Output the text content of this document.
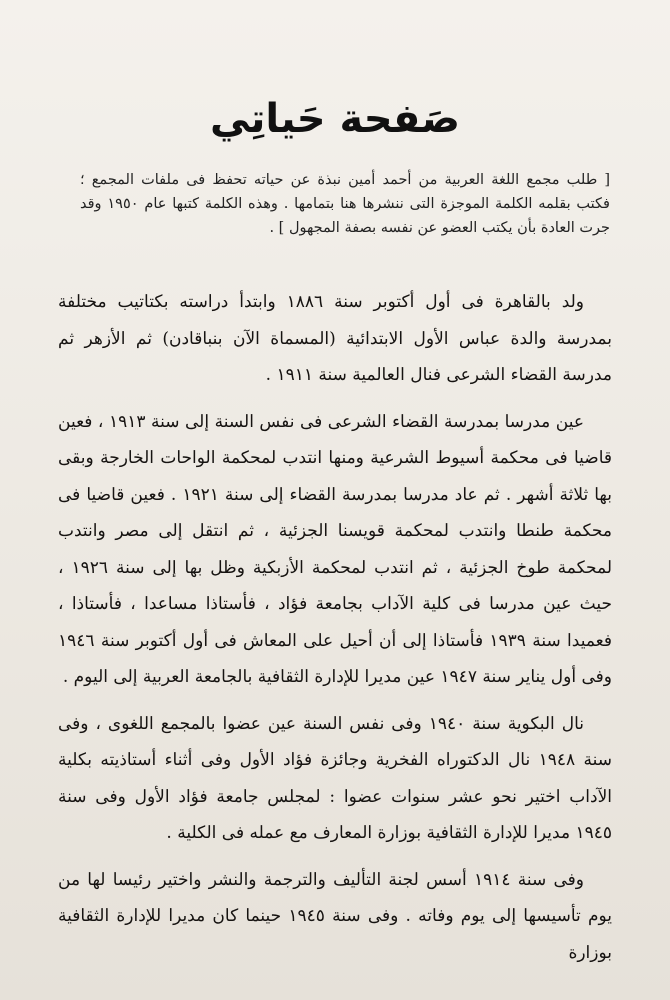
صَفحة حَياتِي
[ طلب مجمع اللغة العربية من أحمد أمين نبذة عن حياته تحفظ فى ملفات المجمع ؛ فكتب بقلمه الكلمة الموجزة التى ننشرها هنا بتمامها . وهذه الكلمة كتبها عام ١٩٥٠ وقد جرت العادة بأن يكتب العضو عن نفسه بصفة المجهول ] .

ولد بالقاهرة فى أول أكتوبر سنة ١٨٨٦ وابتدأ دراسته بكتاتيب مختلفة بمدرسة والدة عباس الأول الابتدائية (المسماة الآن بنباقادن) ثم الأزهر ثم مدرسة القضاء الشرعى فنال العالمية سنة ١٩١١ .

عين مدرسا بمدرسة القضاء الشرعى فى نفس السنة إلى سنة ١٩١٣ ، فعين قاضيا فى محكمة أسيوط الشرعية ومنها انتدب لمحكمة الواحات الخارجة وبقى بها ثلاثة أشهر . ثم عاد مدرسا بمدرسة القضاء إلى سنة ١٩٢١ . فعين قاضيا فى محكمة طنطا وانتدب لمحكمة قويسنا الجزئية ، ثم انتقل إلى مصر وانتدب لمحكمة طوخ الجزئية ، ثم انتدب لمحكمة الأزبكية وظل بها إلى سنة ١٩٢٦ ، حيث عين مدرسا فى كلية الآداب بجامعة فؤاد ، فأستاذا مساعدا ، فأستاذا ، فعميدا سنة ١٩٣٩ فأستاذا إلى أن أحيل على المعاش فى أول أكتوبر سنة ١٩٤٦ وفى أول يناير سنة ١٩٤٧ عين مديرا للإدارة الثقافية بالجامعة العربية إلى اليوم .

نال البكوية سنة ١٩٤٠ وفى نفس السنة عين عضوا بالمجمع اللغوى ، وفى سنة ١٩٤٨ نال الدكتوراه الفخرية وجائزة فؤاد الأول وفى أثناء أستاذيته بكلية الآداب اختير نحو عشر سنوات عضوا : لمجلس جامعة فؤاد الأول وفى سنة ١٩٤٥ مديرا للإدارة الثقافية بوزارة المعارف مع عمله فى الكلية .

وفى سنة ١٩١٤ أسس لجنة التأليف والترجمة والنشر واختير رئيسا لها من يوم تأسيسها إلى يوم وفاته . وفى سنة ١٩٤٥ حينما كان مديرا للإدارة الثقافية بوزارة
